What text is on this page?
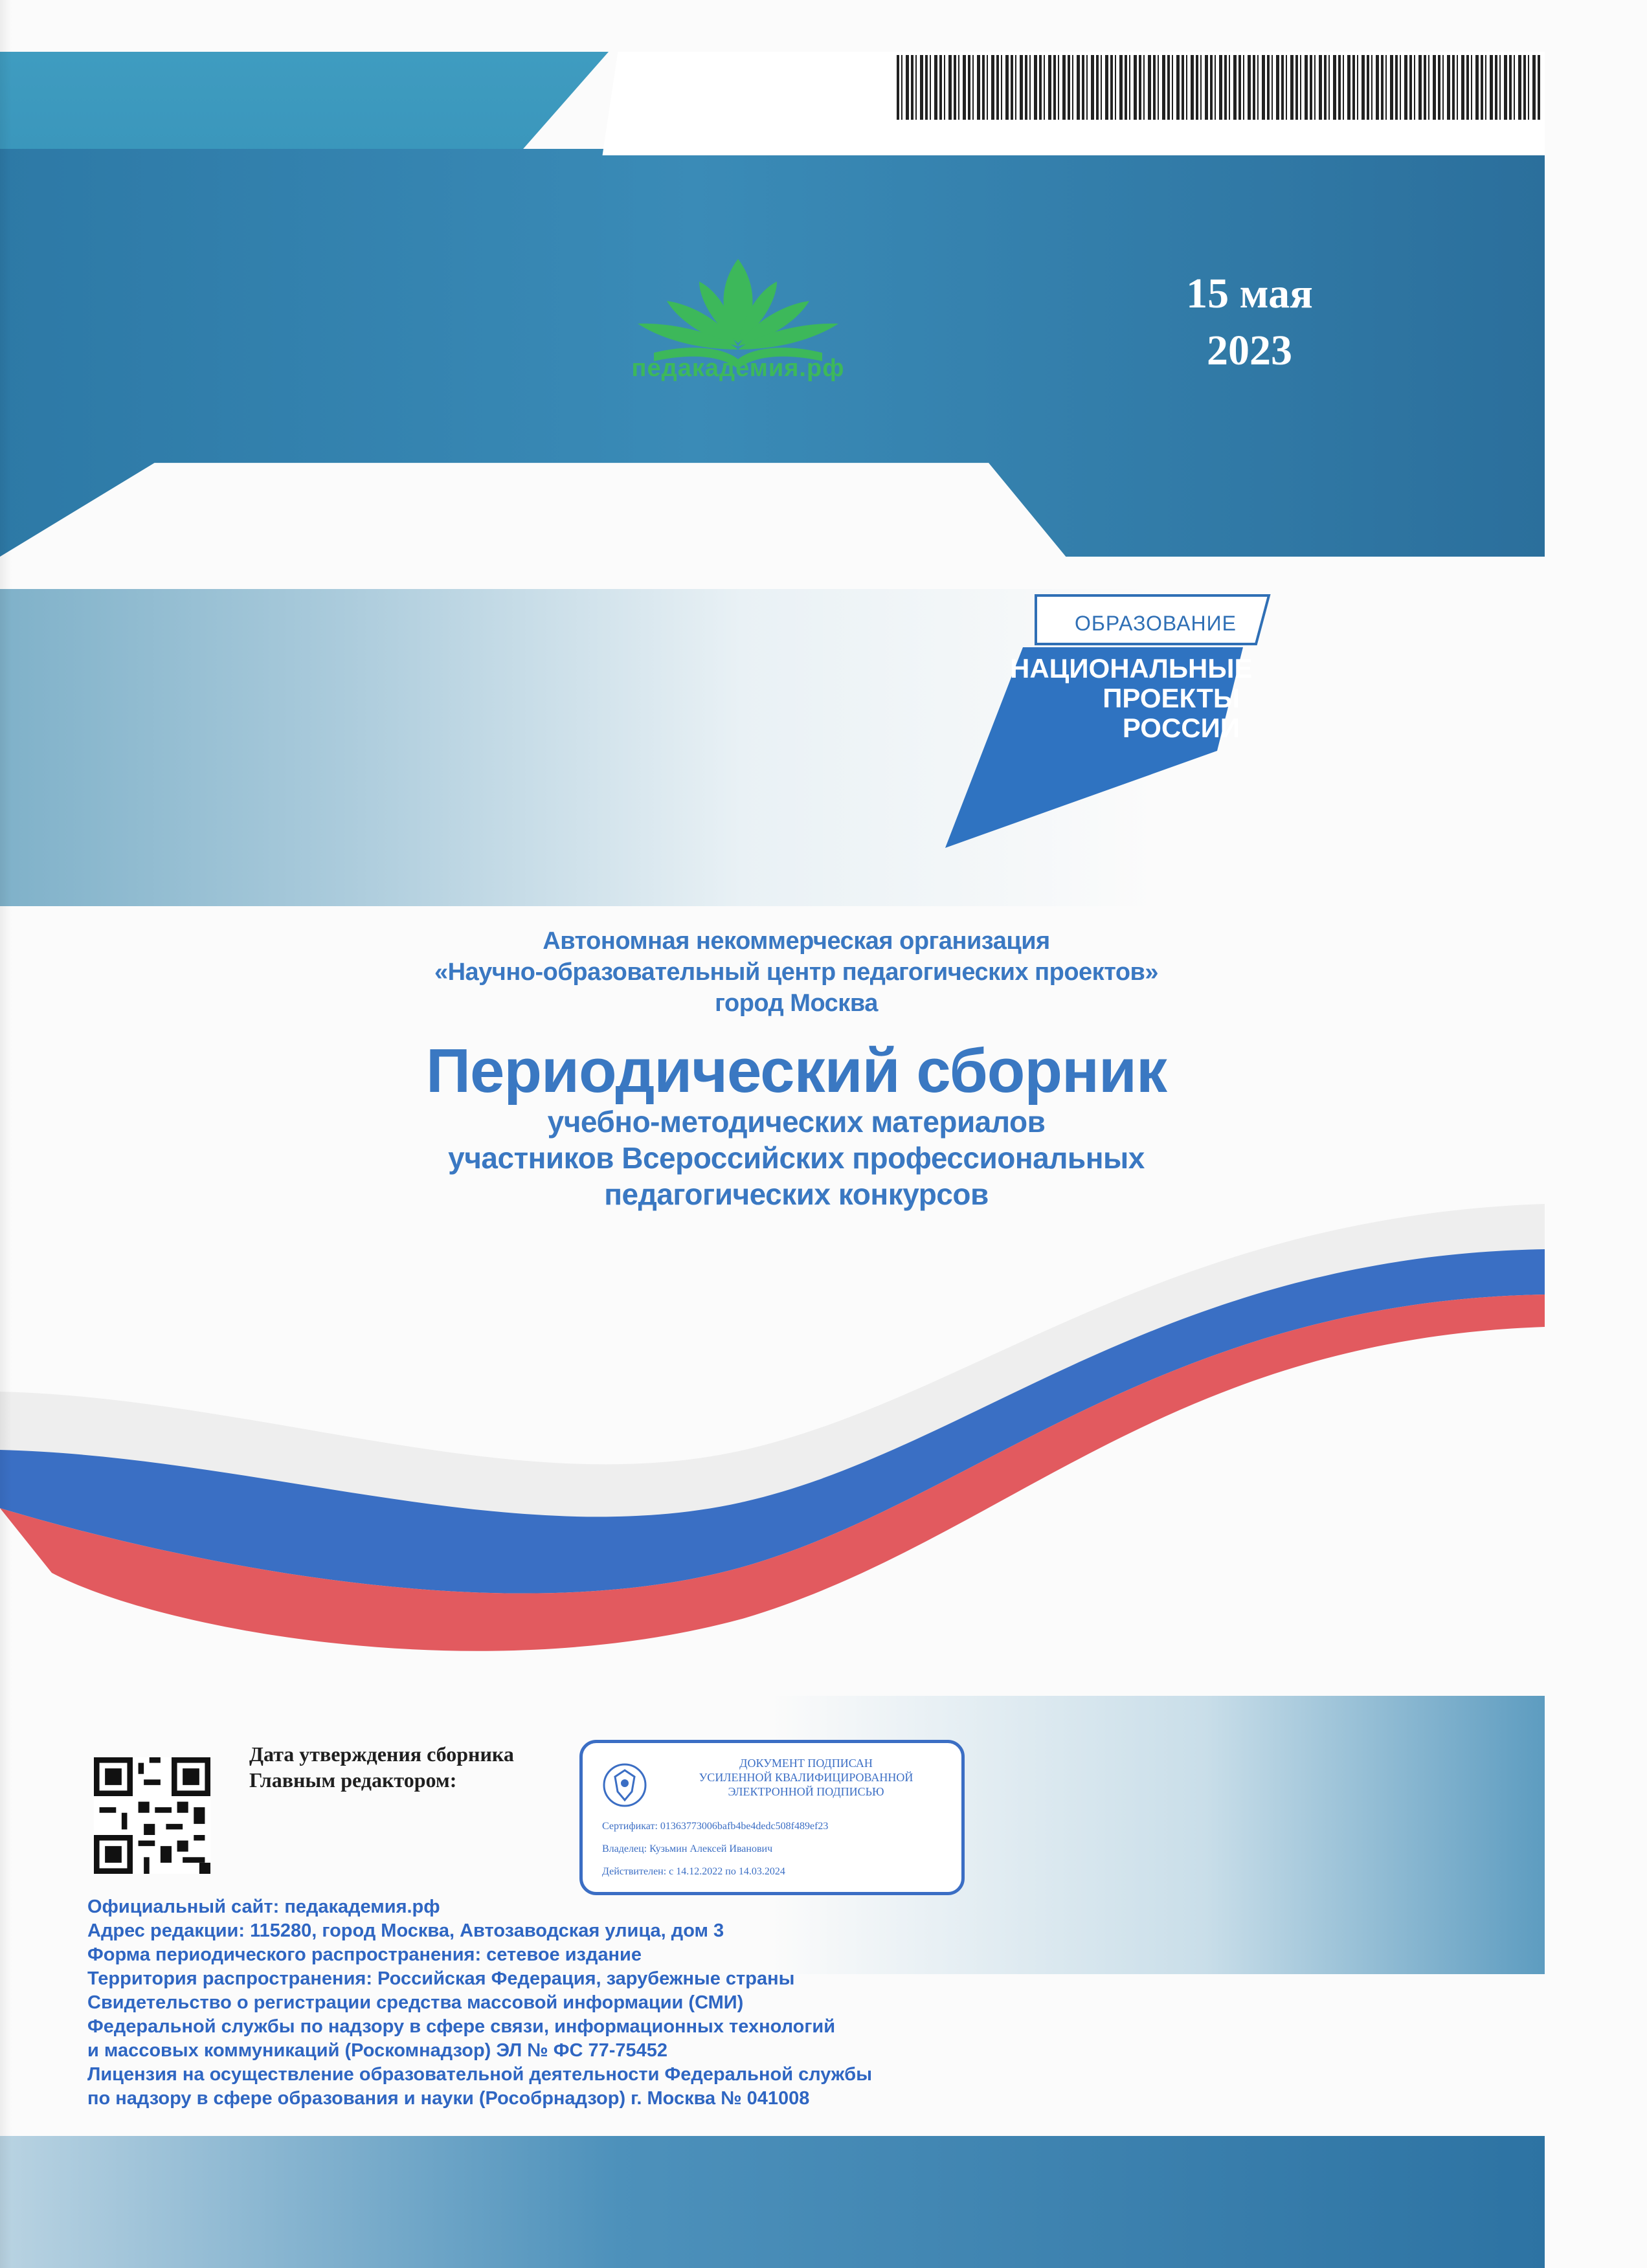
педакадемия.рф
15 мая
2023
ОБРАЗОВАНИЕ
НАЦИОНАЛЬНЫЕ
ПРОЕКТЫ
РОССИИ
Автономная некоммерческая организация
«Научно-образовательный центр педагогических проектов»
город Москва
Периодический сборник
учебно-методических материалов
участников Всероссийских профессиональных
педагогических конкурсов
Дата утверждения сборника
Главным редактором:
ДОКУМЕНТ ПОДПИСАН
УСИЛЕННОЙ КВАЛИФИЦИРОВАННОЙ
ЭЛЕКТРОННОЙ ПОДПИСЬЮ
Сертификат: 01363773006bafb4be4dedc508f489ef23
Владелец: Кузьмин Алексей Иванович
Действителен: с 14.12.2022 по 14.03.2024
Официальный сайт: педакадемия.рф
Адрес редакции: 115280, город Москва, Автозаводская улица, дом 3
Форма периодического распространения: сетевое издание
Территория распространения: Российская Федерация, зарубежные страны
Свидетельство о регистрации средства массовой информации (СМИ)
Федеральной службы по надзору в сфере связи, информационных технологий
и массовых коммуникаций (Роскомнадзор) ЭЛ № ФС 77-75452
Лицензия на осуществление образовательной деятельности Федеральной службы
по надзору в сфере образования и науки (Рособрнадзор) г. Москва № 041008
